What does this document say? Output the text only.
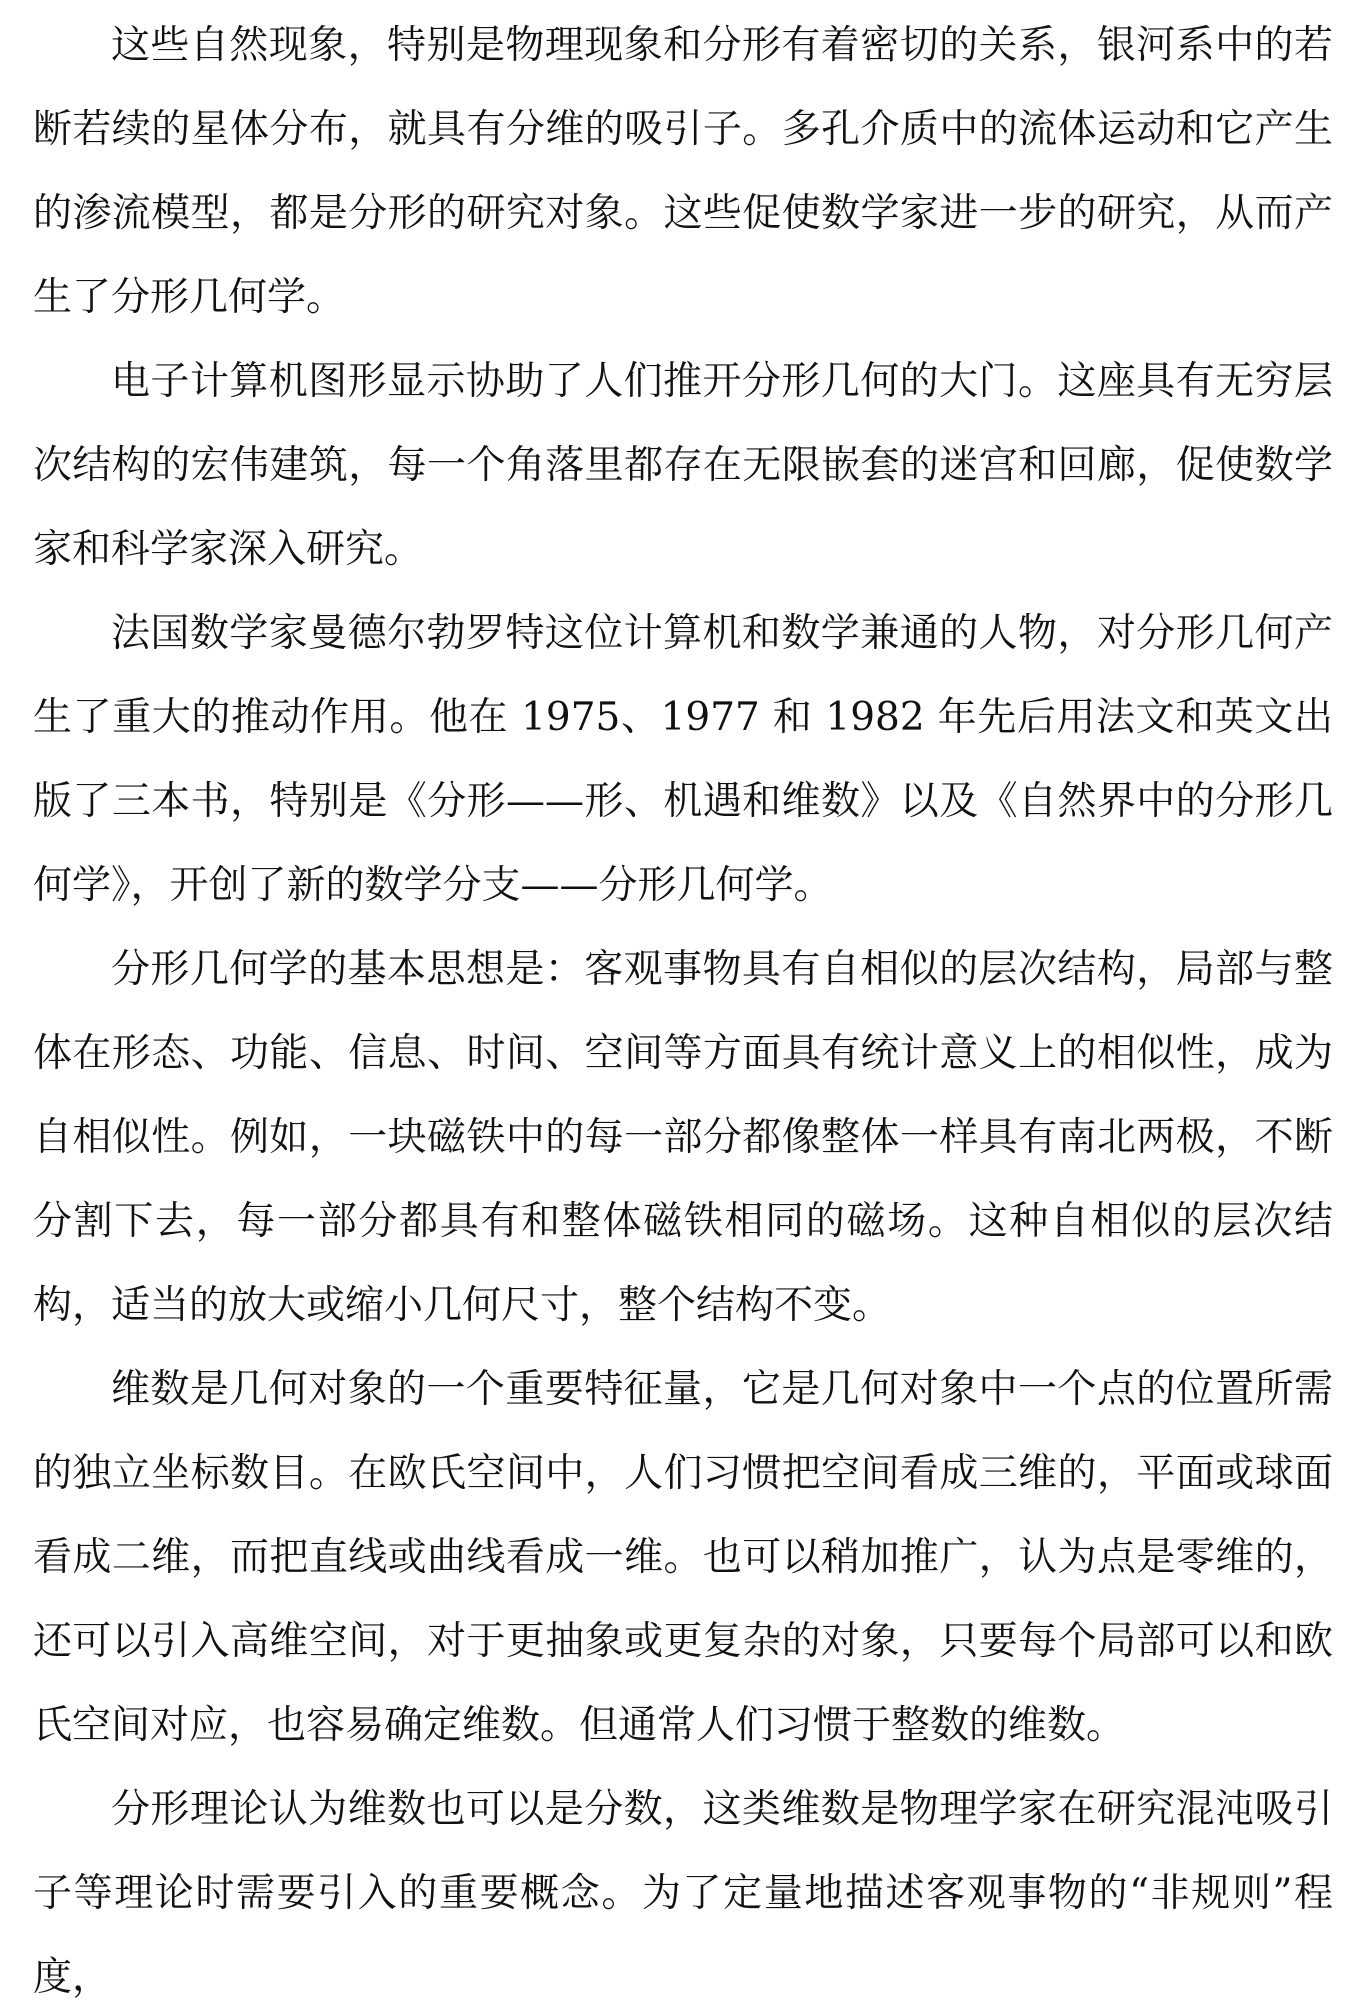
这些自然现象，特别是物理现象和分形有着密切的关系，银河系中的若断若续的星体分布，就具有分维的吸引子。多孔介质中的流体运动和它产生的渗流模型，都是分形的研究对象。这些促使数学家进一步的研究，从而产生了分形几何学。

电子计算机图形显示协助了人们推开分形几何的大门。这座具有无穷层次结构的宏伟建筑，每一个角落里都存在无限嵌套的迷宫和回廊，促使数学家和科学家深入研究。

法国数学家曼德尔勃罗特这位计算机和数学兼通的人物，对分形几何产生了重大的推动作用。他在 1975、1977 和 1982 年先后用法文和英文出版了三本书，特别是《分形——形、机遇和维数》以及《自然界中的分形几何学》，开创了新的数学分支——分形几何学。

分形几何学的基本思想是：客观事物具有自相似的层次结构，局部与整体在形态、功能、信息、时间、空间等方面具有统计意义上的相似性，成为自相似性。例如，一块磁铁中的每一部分都像整体一样具有南北两极，不断分割下去，每一部分都具有和整体磁铁相同的磁场。这种自相似的层次结构，适当的放大或缩小几何尺寸，整个结构不变。

维数是几何对象的一个重要特征量，它是几何对象中一个点的位置所需的独立坐标数目。在欧氏空间中，人们习惯把空间看成三维的，平面或球面看成二维，而把直线或曲线看成一维。也可以稍加推广，认为点是零维的，还可以引入高维空间，对于更抽象或更复杂的对象，只要每个局部可以和欧氏空间对应，也容易确定维数。但通常人们习惯于整数的维数。

分形理论认为维数也可以是分数，这类维数是物理学家在研究混沌吸引子等理论时需要引入的重要概念。为了定量地描述客观事物的“非规则”程度，
